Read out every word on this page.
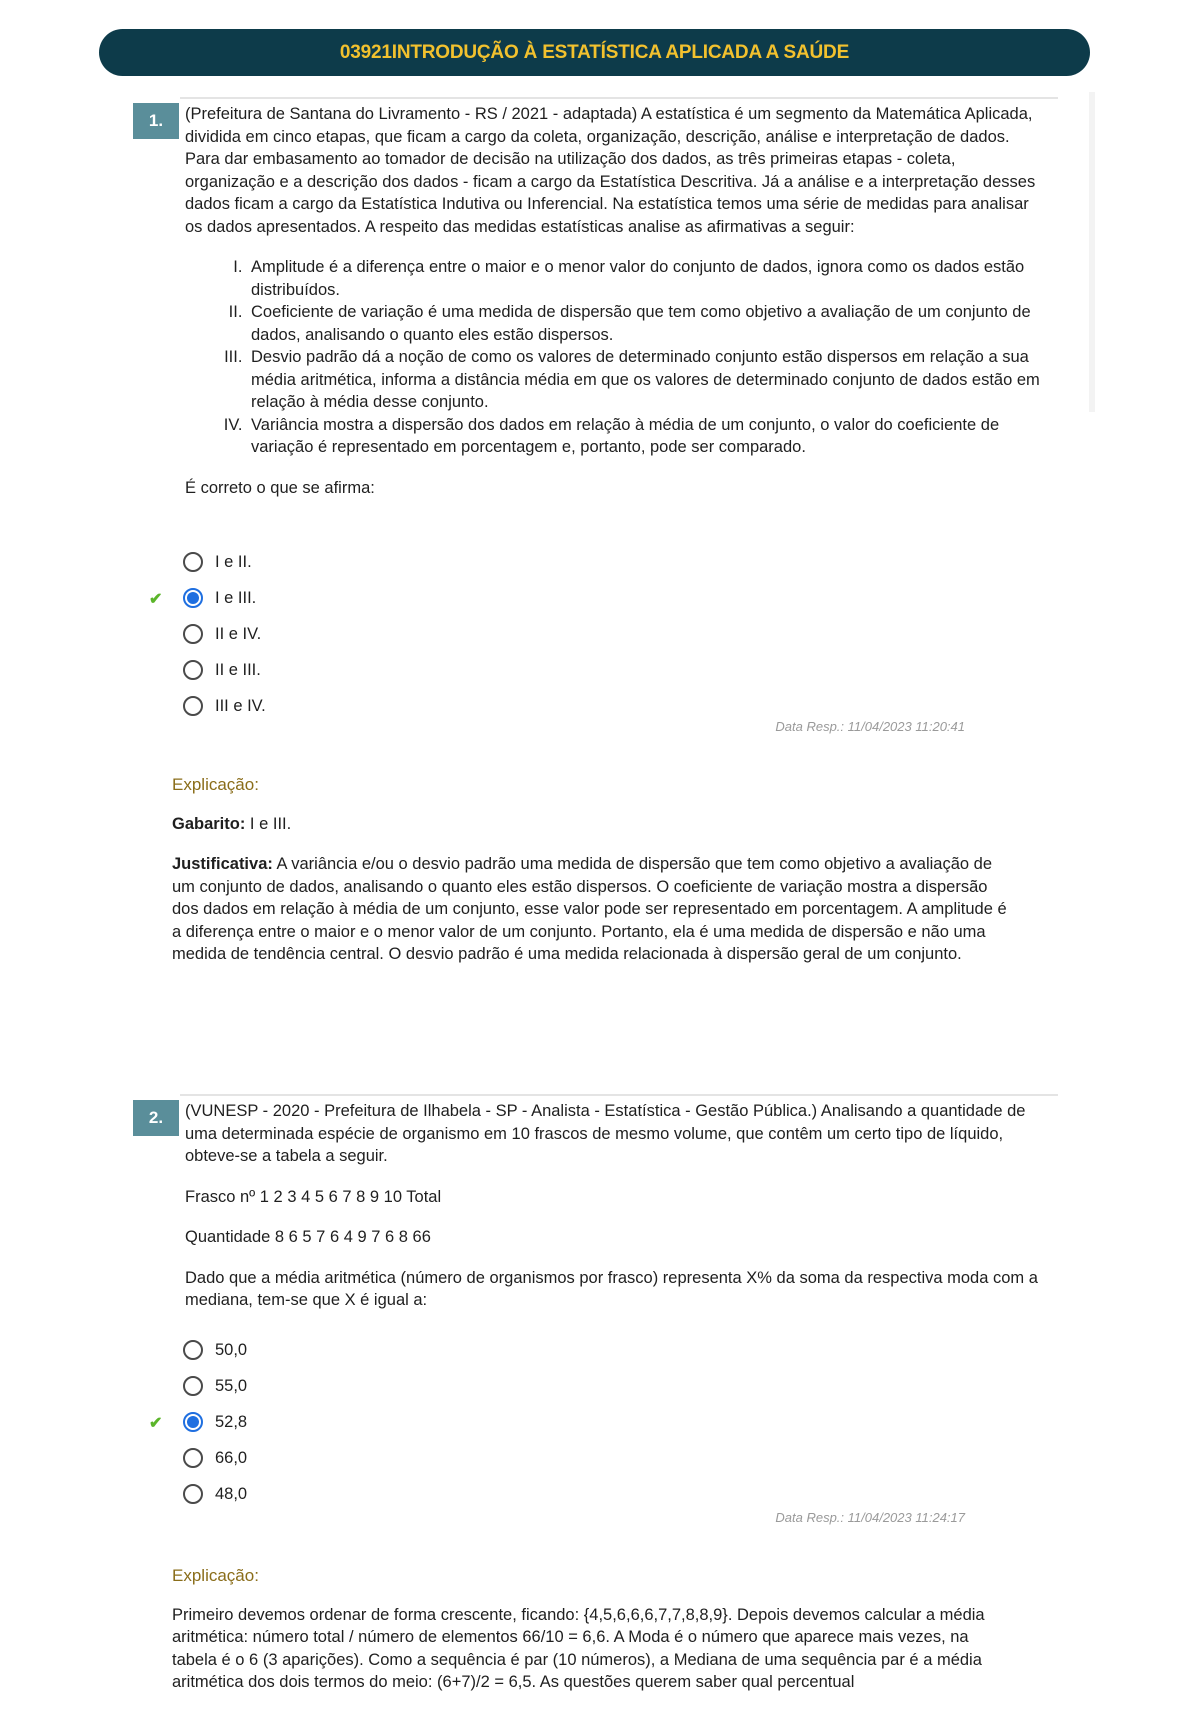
03921INTRODUÇÃO À ESTATÍSTICA APLICADA A SAÚDE
1.	(Prefeitura de Santana do Livramento - RS / 2021 - adaptada) A estatística é um segmento da Matemática Aplicada, dividida em cinco etapas, que ficam a cargo da coleta, organização, descrição, análise e interpretação de dados. Para dar embasamento ao tomador de decisão na utilização dos dados, as três primeiras etapas - coleta, organização e a descrição dos dados - ficam a cargo da Estatística Descritiva. Já a análise e a interpretação desses dados ficam a cargo da Estatística Indutiva ou Inferencial. Na estatística temos uma série de medidas para analisar os dados apresentados. A respeito das medidas estatísticas analise as afirmativas a seguir:

I. Amplitude é a diferença entre o maior e o menor valor do conjunto de dados, ignora como os dados estão distribuídos.
II. Coeficiente de variação é uma medida de dispersão que tem como objetivo a avaliação de um conjunto de dados, analisando o quanto eles estão dispersos.
III. Desvio padrão dá a noção de como os valores de determinado conjunto estão dispersos em relação a sua média aritmética, informa a distância média em que os valores de determinado conjunto de dados estão em relação à média desse conjunto.
IV. Variância mostra a dispersão dos dados em relação à média de um conjunto, o valor do coeficiente de variação é representado em porcentagem e, portanto, pode ser comparado.

É correto o que se afirma:

I e II.
✔	I e III.
II e IV.
II e III.
III e IV.
Data Resp.: 11/04/2023 11:20:41
Explicação:

Gabarito: I e III.

Justificativa: A variância e/ou o desvio padrão uma medida de dispersão que tem como objetivo a avaliação de um conjunto de dados, analisando o quanto eles estão dispersos. O coeficiente de variação mostra a dispersão dos dados em relação à média de um conjunto, esse valor pode ser representado em porcentagem. A amplitude é a diferença entre o maior e o menor valor de um conjunto. Portanto, ela é uma medida de dispersão e não uma medida de tendência central. O desvio padrão é uma medida relacionada à dispersão geral de um conjunto.

2.	(VUNESP - 2020 - Prefeitura de Ilhabela - SP - Analista - Estatística - Gestão Pública.) Analisando a quantidade de uma determinada espécie de organismo em 10 frascos de mesmo volume, que contêm um certo tipo de líquido, obteve-se a tabela a seguir.

Frasco nº 1 2 3 4 5 6 7 8 9 10 Total

Quantidade 8 6 5 7 6 4 9 7 6 8 66

Dado que a média aritmética (número de organismos por frasco) representa X% da soma da respectiva moda com a mediana, tem-se que X é igual a:

50,0
55,0
✔	52,8
66,0
48,0
Data Resp.: 11/04/2023 11:24:17
Explicação:

Primeiro devemos ordenar de forma crescente, ficando: {4,5,6,6,6,7,7,8,8,9}. Depois devemos calcular a média aritmética: número total / número de elementos 66/10 = 6,6. A Moda é o número que aparece mais vezes, na tabela é o 6 (3 aparições). Como a sequência é par (10 números), a Mediana de uma sequência par é a média aritmética dos dois termos do meio: (6+7)/2 = 6,5. As questões querem saber qual percentual
